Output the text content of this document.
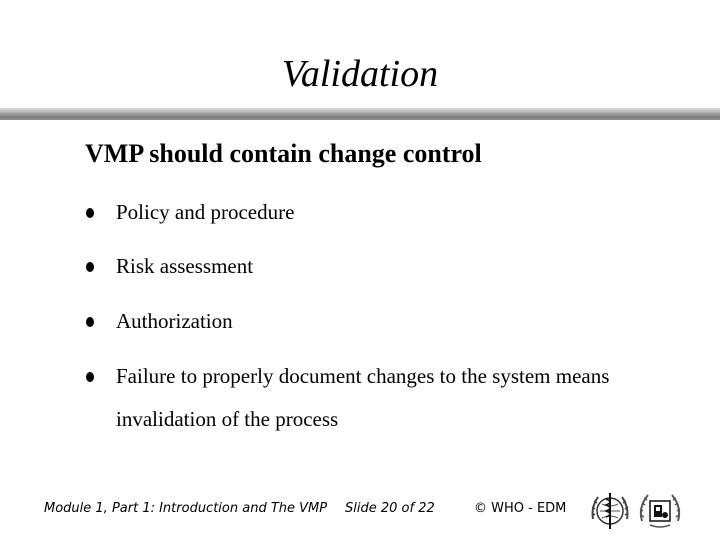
Validation
VMP should contain change control
Policy and procedure
Risk assessment
Authorization
Failure to properly document changes to the system means invalidation of the process
Module 1, Part 1: Introduction and The VMP Slide 20 of 22	© WHO - EDM
